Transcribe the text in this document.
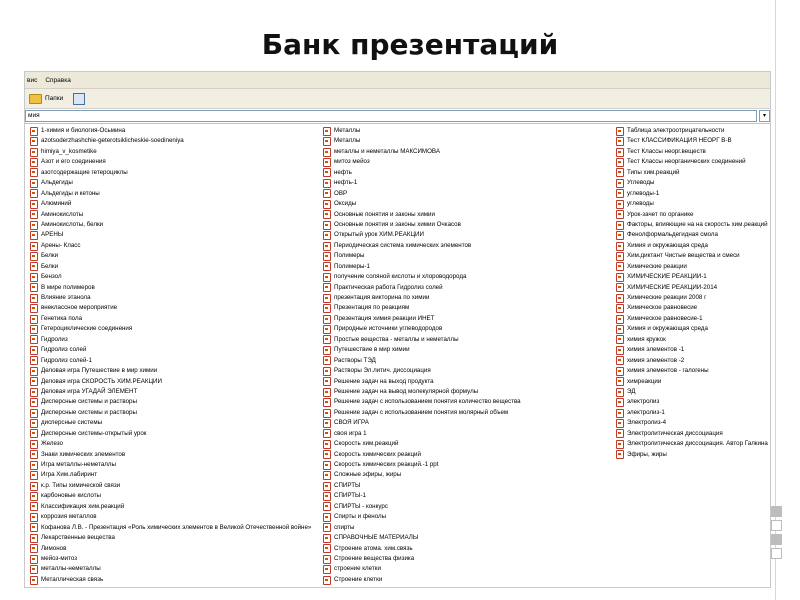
Банк презентаций
вис Справка
Папки
мия	▾
1-химия и биология-Осьмина
azotsoderzhashchie-geterotsiklicheskie-soedineniya
himiya_v_kosmetike
Азот и его соединения
азотсодержащие гетероциклы
Альдегиды
Альдегиды и кетоны
Алюминий
Аминокислоты
Аминокислоты, белки
АРЕНЫ
Арены- Класс
Белки
Белки
Бензол
В мире полимеров
Влияние этанола
внеклассное мероприятие
Генетика пола
Гетероциклические соединения
Гидролиз
Гидролиз солей
Гидролиз солей-1
Деловая игра Путешествие в мир химии
Деловая игра СКОРОСТЬ ХИМ.РЕАКЦИИ
Деловая игра УГАДАЙ ЭЛЕМЕНТ
Дисперсные системы и растворы
Дисперсные системы и растворы
дисперсные системы
Дисперсные системы-открытый урок
Железо
Знаки химических элементов
Игра металлы-неметаллы
Игра Хим.лабиринт
к.р. Типы химической связи
карбоновые кислоты
Классификация хим.реакций
коррозия металлов
Кофанова Л.В. - Презентация «Роль химических элементов в Великой Отечественной войне»
Лекарственные вещества
Лимонов
мейоз-митоз
металлы-неметаллы
Металлическая связь
Металлы
Металлы
металлы и неметаллы МАКСИМОВА
митоз мейоз
нефть
нефть-1
ОВР
Оксиды
Основные понятия и законы химии
Основные понятия и законы химии Очкасов
Открытый урок ХИМ.РЕАКЦИИ
Периодическая система химических элементов
Полимеры
Полимеры-1
получение соляной кислоты и хлороводорода
Практическая работа Гидролиз солей
презентация викторина по химии
Презентация по реакциям
Презентация химия реакции ИНЕТ
Природные источники углеводородов
Простые вещества - металлы и неметаллы
Путешествие в мир химии
Растворы ТЭД
Растворы Эл.литич. диссоциация
Решение задач на выход продукта
Решение задач на вывод молекулярной формулы
Решение задач с использованием понятия количество вещества
Решение задач с использованием понятия молярный объем
СВОЯ ИГРА
своя игра 1
Скорость хим.реакций
Скорость химических реакций
Скорость химических реакций.-1 ppt
Сложные эфиры, жиры
СПИРТЫ
СПИРТЫ-1
СПИРТЫ - конкурс
Спирты и фенолы
спирты
СПРАВОЧНЫЕ МАТЕРИАЛЫ
Строение атома. хим.связь
Строение вещества физика
строение клетки
Строение клетки
Таблица электроотрицательности
Тест КЛАССИФИКАЦИЯ НЕОРГ В-В
Тест Классы неорг.веществ
Тест Классы неорганических соединений
Типы хим.реакций
Углеводы
углеводы-1
углеводы
Урок-зачет по органике
Факторы, влияющие на на скорость хим.реакций
Фенолформальдегидная смола
Химия и окружающая среда
Хим.диктант Чистые вещества и смеси
Химические реакции
ХИМИЧЕСКИЕ РЕАКЦИИ-1
ХИМИЧЕСКИЕ РЕАКЦИИ-2014
Химические реакции 2008 г
Химическое равновесие
Химическое равновесие-1
Химия и окружающая среда
химия кружок
химия элементов -1
химия элементов -2
химия элементов - галогены
химреакции
ЭД
электролиз
электролиз-1
Электролиз-4
Электролитическая диссоциация
Электролитическая диссоциация. Автор Галкина
Эфиры, жиры
